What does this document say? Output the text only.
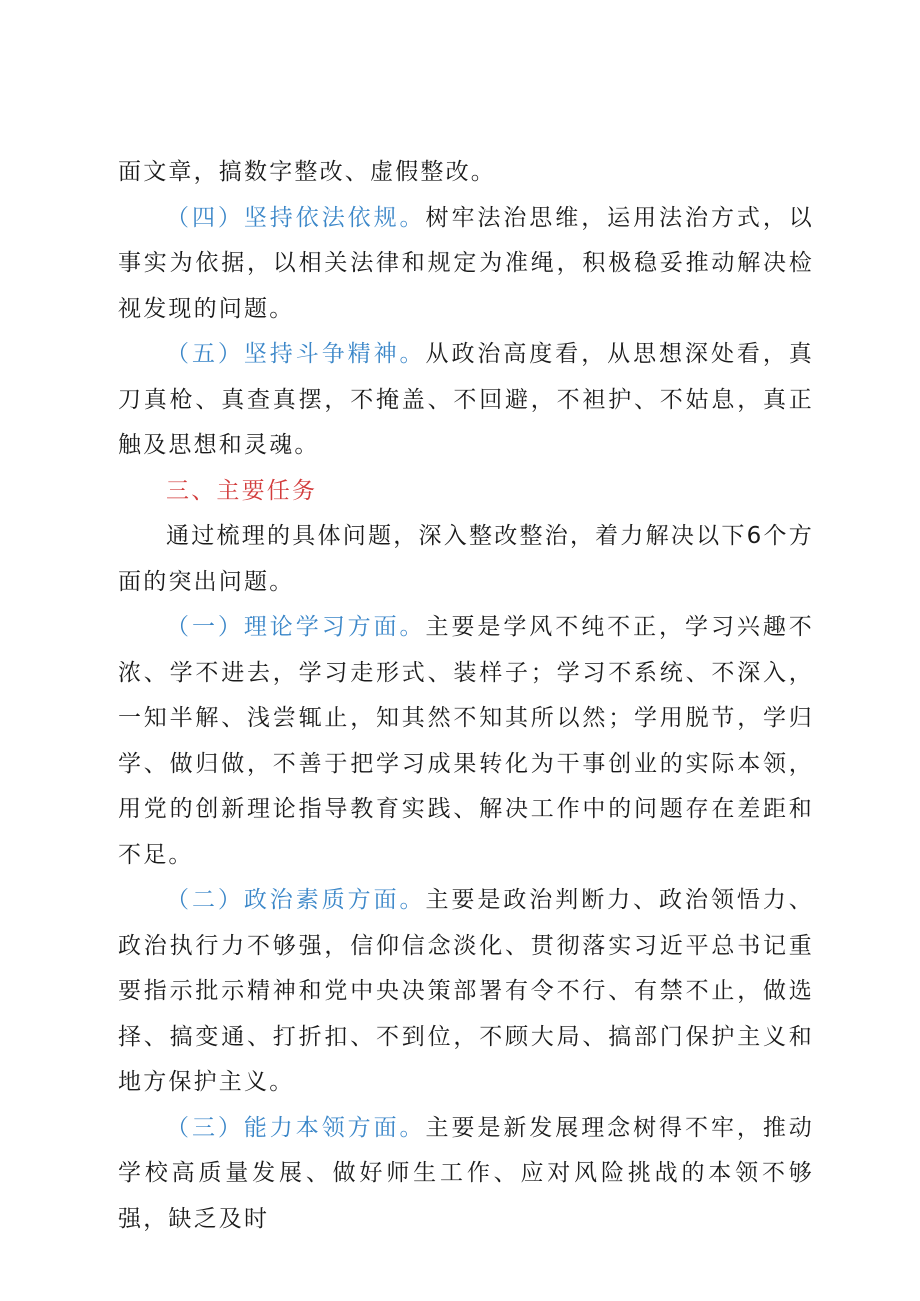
面文章，搞数字整改、虚假整改。

（四）坚持依法依规。树牢法治思维，运用法治方式，以事实为依据，以相关法律和规定为准绳，积极稳妥推动解决检视发现的问题。

（五）坚持斗争精神。从政治高度看，从思想深处看，真刀真枪、真查真摆，不掩盖、不回避，不袒护、不姑息，真正触及思想和灵魂。

三、主要任务

通过梳理的具体问题，深入整改整治，着力解决以下6个方面的突出问题。

（一）理论学习方面。主要是学风不纯不正，学习兴趣不浓、学不进去，学习走形式、装样子；学习不系统、不深入，一知半解、浅尝辄止，知其然不知其所以然；学用脱节，学归学、做归做，不善于把学习成果转化为干事创业的实际本领，用党的创新理论指导教育实践、解决工作中的问题存在差距和不足。

（二）政治素质方面。主要是政治判断力、政治领悟力、政治执行力不够强，信仰信念淡化、贯彻落实习近平总书记重要指示批示精神和党中央决策部署有令不行、有禁不止，做选择、搞变通、打折扣、不到位，不顾大局、搞部门保护主义和地方保护主义。

（三）能力本领方面。主要是新发展理念树得不牢，推动学校高质量发展、做好师生工作、应对风险挑战的本领不够强，缺乏及时
